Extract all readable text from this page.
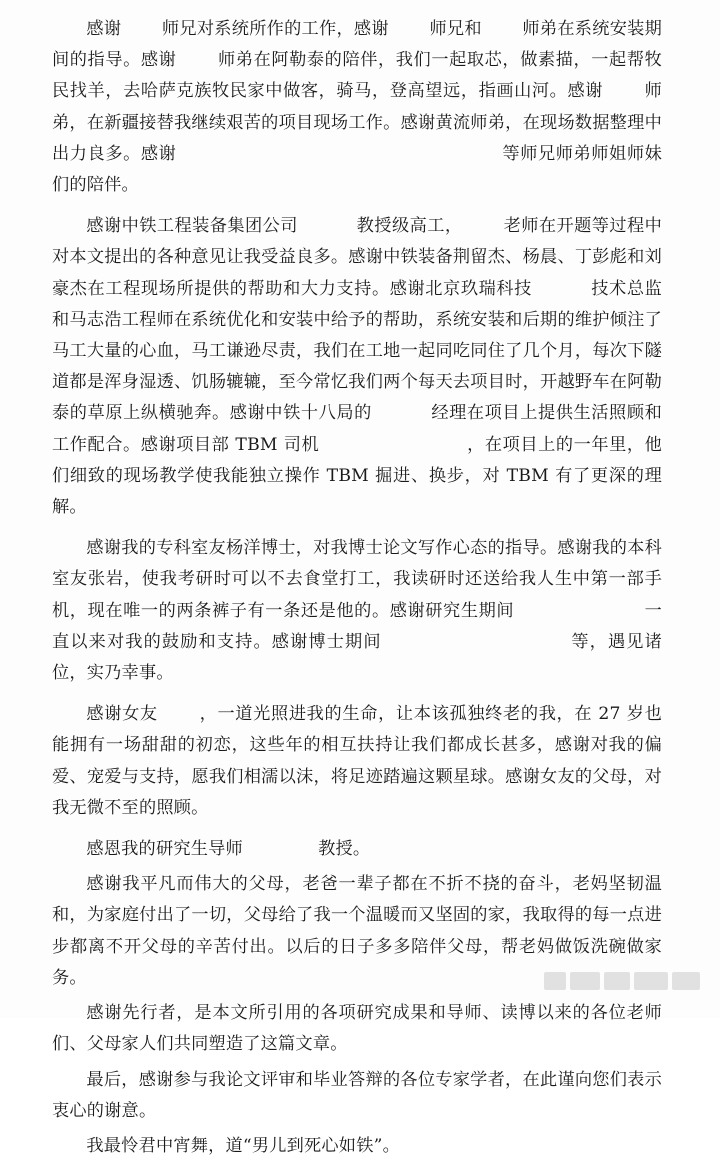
感谢 　　师兄对系统所作的工作，感谢 　　师兄和 　　师弟在系统安装期间的指导。感谢 　　师弟在阿勒泰的陪伴，我们一起取芯，做素描，一起帮牧民找羊，去哈萨克族牧民家中做客，骑马，登高望远，指画山河。感谢 　　师弟，在新疆接替我继续艰苦的项目现场工作。感谢黄流师弟，在现场数据整理中出力良多。感谢 　　　　　　　　　　　　　　　　　　等师兄师弟师姐师妹们的陪伴。

感谢中铁工程装备集团公司 　　　教授级高工， 　　老师在开题等过程中对本文提出的各种意见让我受益良多。感谢中铁装备荆留杰、杨晨、丁彭彪和刘豪杰在工程现场所提供的帮助和大力支持。感谢北京玖瑞科技 　　　技术总监和马志浩工程师在系统优化和安装中给予的帮助，系统安装和后期的维护倾注了马工大量的心血，马工谦逊尽责，我们在工地一起同吃同住了几个月，每次下隧道都是浑身湿透、饥肠辘辘，至今常忆我们两个每天去项目时，开越野车在阿勒泰的草原上纵横驰奔。感谢中铁十八局的 　　　经理在项目上提供生活照顾和工作配合。感谢项目部 TBM 司机 　　　　　　　　，在项目上的一年里，他们细致的现场教学使我能独立操作 TBM 掘进、换步，对 TBM 有了更深的理解。

感谢我的专科室友杨洋博士，对我博士论文写作心态的指导。感谢我的本科室友张岩，使我考研时可以不去食堂打工，我读研时还送给我人生中第一部手机，现在唯一的两条裤子有一条还是他的。感谢研究生期间 　　　　　　　一直以来对我的鼓励和支持。感谢博士期间 　　　　　　　　　　等，遇见诸位，实乃幸事。

感谢女友 　　，一道光照进我的生命，让本该孤独终老的我，在 27 岁也能拥有一场甜甜的初恋，这些年的相互扶持让我们都成长甚多，感谢对我的偏爱、宠爱与支持，愿我们相濡以沫，将足迹踏遍这颗星球。感谢女友的父母，对我无微不至的照顾。

感恩我的研究生导师 　　　　教授。

感谢我平凡而伟大的父母，老爸一辈子都在不折不挠的奋斗，老妈坚韧温和，为家庭付出了一切，父母给了我一个温暖而又坚固的家，我取得的每一点进步都离不开父母的辛苦付出。以后的日子多多陪伴父母，帮老妈做饭洗碗做家务。

感谢先行者，是本文所引用的各项研究成果和导师、读博以来的各位老师们、父母家人们共同塑造了这篇文章。

最后，感谢参与我论文评审和毕业答辩的各位专家学者，在此谨向您们表示衷心的谢意。

我最怜君中宵舞，道“男儿到死心如铁”。
